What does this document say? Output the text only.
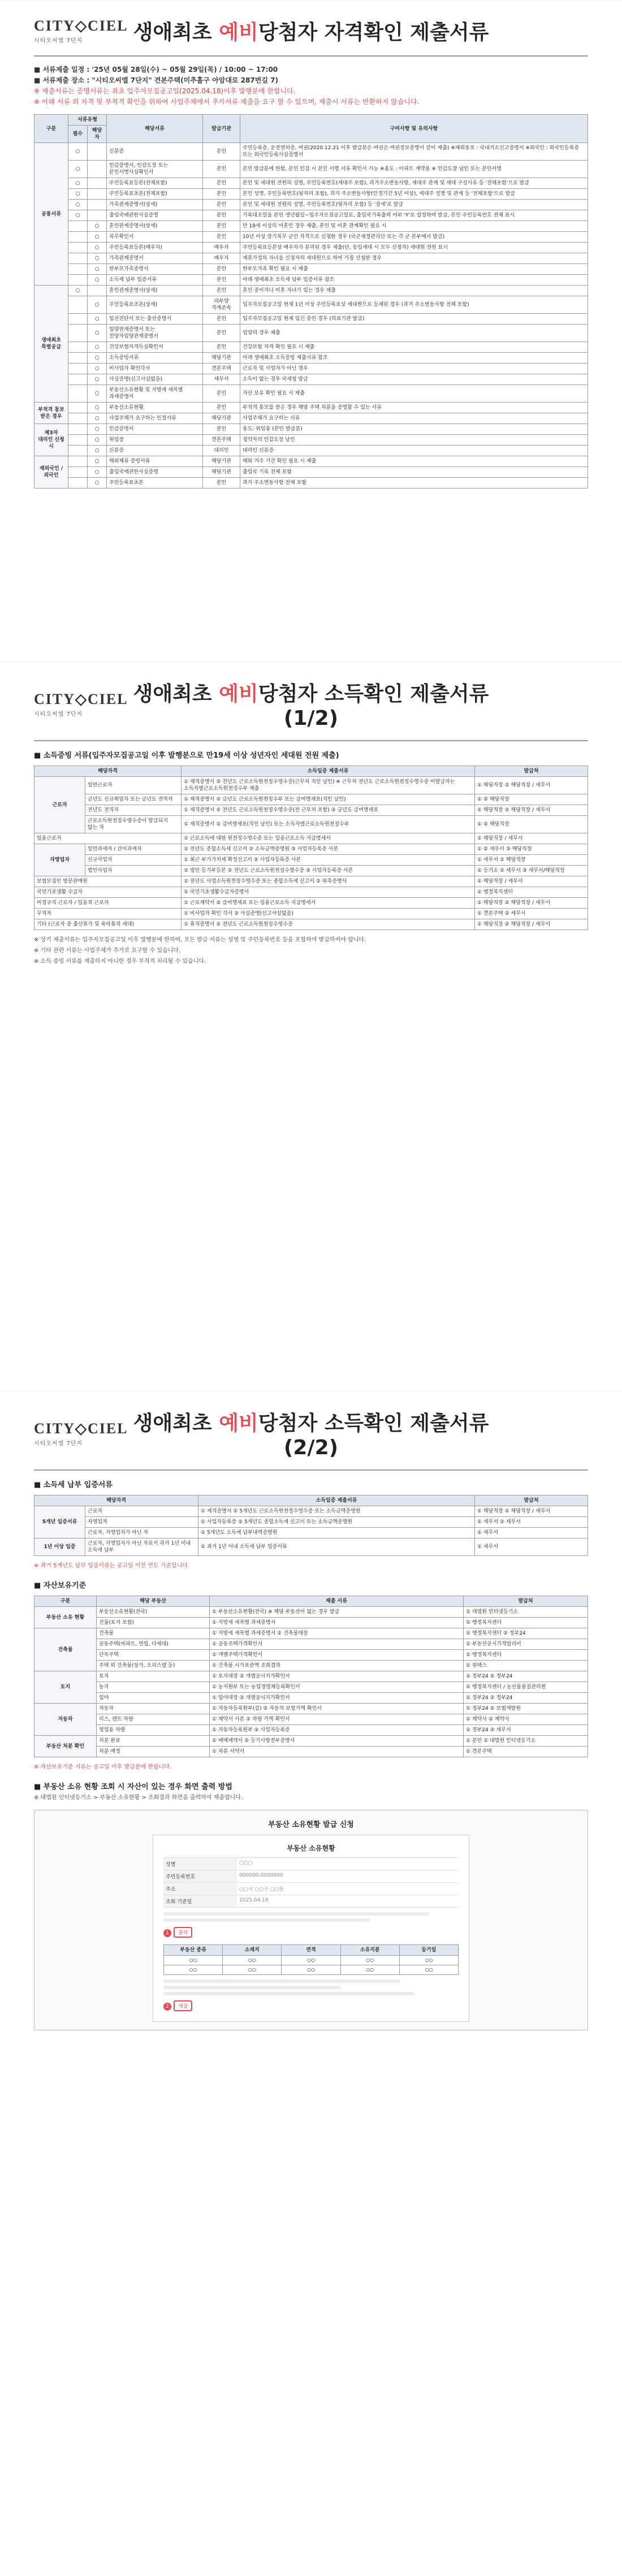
CITY◇CIEL
시티오씨엘 7단지	생애최초 예비당첨자 자격확인 제출서류
■ 서류제출 일정 : '25년 05월 28일(수) ~ 05월 29일(목) / 10:00 ~ 17:00
■ 서류제출 장소 : "시티오씨엘 7단지" 견본주택(미추홀구 아암대로 287번길 7)
※ 제출서류는 증명서류는 최초 입주자모집공고일(2025.04.18)이후 발행분에 한합니다.
※ 아래 서류 외 자격 및 부적격 확인을 위하여 사업주체에서 추가서류 제출을 요구 할 수 있으며, 제출시 서류는 반환하지 않습니다.
구분	서류유형		해당서류	발급기관	구비사항 및 유의사항
	필수	해당자			
공통서류	○		신분증	본인	주민등록증, 운전면허증, 여권(2020.12.21 이후 발급분은 여권은 여권정보증명서 같이 제출) ※재외동포 : 국내거소신고증명서 ※외국인 : 외국인등록증 또는 외국인등록사실증명서
	○		인감증명서, 인감도장 또는 본인서명사실확인서	본인	본인 발급분에 한함, 본인 인감 시 본인 서명 서류 확인서 가능 ※용도 : 아파트 계약용 ※ 인감도장 날인 또는 본인서명
	○		주민등록표등본(전체포함)	본인	본인 및 세대원 전원의 성명, 주민등록번호(세대주 포함), 과거주소변동사항, 세대주 관계 및 세대 구성사유 등 '전체포함'으로 발급
	○		주민등록표초본(전체포함)	본인	본인 성명, 주민등록번호(뒷자리 포함), 과거 주소변동사항(인정기간 5년 이상), 세대주 성명 및 관계 등 '전체포함'으로 발급
	○		가족관계증명서(상세)	본인	본인 및 세대원 전원의 성명, 주민등록번호(뒷자리 포함) 등 '상세'로 발급
	○		출입국에관한사실증명	본인	기록대조일을 본인 생년월일~입주자모집공고일로, 출입국기록출력 여부 'Y'로 설정하여 발급, 본인 주민등록번호 전체 표시
		○	혼인관계증명서(상세)	본인	만 19세 이상의 미혼인 경우 제출, 혼인 및 이혼 관계확인 필요 시
		○	복무확인서	본인	10년 이상 장기복무 군인 자격으로 신청한 경우 (국군재정관리단 또는 각 군 본부에서 발급)
		○	주민등록표등본(배우자)	배우자	주민등록표등본상 배우자가 분리된 경우 제출(단, 동일세대 시 모두 신청자) 세대원 전원 표시
		○	가족관계증명서	배우자	재혼가정의 자녀를 신청자의 세대원으로 하여 가점 신청한 경우
		○	한부모가족증명서	본인	한부모가족 확인 필요 시 제출
		○	소득세 납부 입증서류	본인	아래 생애최초 소득세 납부 입증서류 참조
생애최초 특별공급	○		혼인관계증명서(상세)	본인	혼인 중이거나 미혼 자녀가 있는 경우 제출
		○	주민등록표초본(상세)	피부양 직계존속	입주자모집공고일 현재 1년 이상 주민등록표상 세대원으로 등재된 경우 (과거 주소변동사항 전체 포함)
		○	임신진단서 또는 출산증명서	본인	입주자모집공고일 현재 임신 중인 경우 (의료기관 발급)
		○	입양관계증명서 또는 친양자입양관계증명서	본인	입양의 경우 제출
		○	건강보험자격득실확인서	본인	건강보험 자격 확인 필요 시 제출
		○	소득증빙서류	해당기관	아래 생애최초 소득증빙 제출서류 참조
		○	비사업자 확인각서	견본주택	근로자 및 사업자가 아닌 경우
		○	사실증명(신고사실없음)	세무서	소득이 없는 경우 국세청 발급
		○	부동산소유현황 및 지방세 세목별 과세증명서	본인	자산 보유 확인 필요 시 제출
부적격 통보 받은 경우		○	부동산소유현황	본인	부적격 통보를 받은 경우 해당 주택 처분을 증명할 수 있는 서류
		○	사업주체가 요구하는 인정서류	해당기관	사업주체가 요구하는 서류
제3자 대리인 신청 시		○	인감증명서	본인	용도: 위임용 (본인 발급분)
		○	위임장	견본주택	청약자의 인감도장 날인
		○	신분증	대리인	대리인 신분증
재외국인 / 외국인		○	해외체류 증빙서류	해당기관	해외 거주 기간 확인 필요 시 제출
		○	출입국에관한사실증명	해당기관	출입국 기록 전체 포함
		○	주민등록표초본	본인	과거 주소변동사항 전체 포함
CITY◇CIEL
시티오씨엘 7단지
생애최초 예비당첨자 소득확인 제출서류(1/2)
■ 소득증빙 서류(입주자모집공고일 이후 발행분으로 만19세 이상 성년자인 세대원 전원 제출)
해당자격		소득입증 제출서류	발급처
근로자	일반근로자	① 재직증명서 ② 전년도 근로소득원천징수영수증(근무처 직인 날인) ※ 근무처 전년도 근로소득원천징수영수증 미발급자는 소득자별근로소득원천징수부 제출	① 해당직장 ② 해당직장 / 세무서
	금년도 신규취업자 또는 금년도 전직자	① 재직증명서 ② 금년도 근로소득원천징수부 또는 급여명세표(직인 날인)	① ② 해당직장
	전년도 전직자	① 재직증명서 ② 전년도 근로소득원천징수영수증(전 근무처 포함) ③ 금년도 급여명세표	① 해당직장 ② 해당직장 / 세무서
	근로소득원천징수영수증이 발급되지 않는 자	① 재직증명서 ② 급여명세표(직인 날인) 또는 소득자별근로소득원천징수부	① ② 해당직장
일용근로자		① 근로소득에 대한 원천징수영수증 또는 일용근로소득 지급명세서	① 해당직장 / 세무서
자영업자	일반과세자 / 간이과세자	① 전년도 종합소득세 신고서 ② 소득금액증명원 ③ 사업자등록증 사본	① ② 세무서 ③ 해당직장
	신규사업자	① 최근 부가가치세 확정신고서 ② 사업자등록증 사본	① 세무서 ② 해당직장
	법인사업자	① 법인 등기부등본 ② 전년도 근로소득원천징수영수증 ③ 사업자등록증 사본	① 등기소 ② 세무서 ③ 세무서/해당직장
보험모집인 방문판매원		① 전년도 사업소득원천징수영수증 또는 종합소득세 신고서 ② 위촉증명서	① 해당직장 / 세무서
국민기초생활 수급자		① 국민기초생활수급자증명서	① 행정복지센터
비정규직 근로자 / 일용직 근로자		① 근로계약서 ② 급여명세표 또는 일용근로소득 지급명세서	① 해당직장 ② 해당직장 / 세무서
무직자		① 비사업자 확인 각서 ② 사실증명(신고사실없음)	① 견본주택 ② 세무서
기타 (근로자 중 출산휴가 및 육아휴직 세대)		① 휴직증명서 ② 전년도 근로소득원천징수영수증	① 해당직장 ② 해당직장 / 세무서
※ 상기 제출서류는 입주자모집공고일 이후 발행분에 한하며, 모든 발급 서류는 성명 및 주민등록번호 등을 포함하여 발급하여야 합니다.
※ 기타 관련 서류는 사업주체가 추가로 요구할 수 있습니다.
※ 소득 증빙 서류를 제출하지 아니한 경우 부적격 처리될 수 있습니다.
CITY◇CIEL
시티오씨엘 7단지
생애최초 예비당첨자 소득확인 제출서류(2/2)
■ 소득세 납부 입증서류
해당자격		소득입증 제출서류	발급처
5개년 입증서류	근로자	① 재직증명서 ② 5개년도 근로소득원천징수영수증 또는 소득금액증명원	① 해당직장 ② 해당직장 / 세무서
	자영업자	① 사업자등록증 ② 5개년도 종합소득세 신고서 또는 소득금액증명원	① 세무서 ② 세무서
	근로자, 자영업자가 아닌 자	① 5개년도 소득세 납부내역증명원	① 세무서
1년 이상 입증	근로자, 자영업자가 아닌 자로서 과거 1년 이내 소득세 납부	① 과거 1년 이내 소득세 납부 입증서류	① 세무서
※ 과거 5개년도 납부 입증서류는 공고일 이전 연도 기준입니다.
■ 자산보유기준
구분	해당 부동산	제출 서류	발급처
부동산 소유 현황	부동산소유현황(전국)	① 부동산소유현황(전국) ※ 해당 부동산이 없는 경우 발급	① 대법원 인터넷등기소
	건물(토지 포함)	① 지방세 세목별 과세증명서	① 행정복지센터
건축물	건축물	① 지방세 세목별 과세증명서 ② 건축물대장	① 행정복지센터 ② 정부24
	공동주택(아파트, 연립, 다세대)	① 공동주택가격확인서	① 부동산공시가격알리미
	단독주택	① 개별주택가격확인서	① 행정복지센터
	주택 외 건축물(상가, 오피스텔 등)	① 건축물 시가표준액 조회결과	① 위택스
토지	토지	① 토지대장 ② 개별공시지가확인서	① 정부24 ② 정부24
	농지	① 농지원부 또는 농업경영체등록확인서	① 행정복지센터 / 농산물품질관리원
	임야	① 임야대장 ② 개별공시지가확인서	① 정부24 ② 정부24
자동차	자동차	① 자동차등록원부(갑) ② 자동차 보험가액 확인서	① 정부24 ② 보험개발원
	리스, 렌트 차량	① 계약서 사본 ② 차량 가액 확인서	① 계약사 ② 계약사
	영업용 차량	① 자동차등록원부 ② 사업자등록증	① 정부24 ② 세무서
부동산 처분 확인	처분 완료	① 매매계약서 ② 등기사항전부증명서	① 본인 ② 대법원 인터넷등기소
	처분 예정	① 처분 서약서	① 견본주택
※ 자산보유기준 서류는 공고일 이후 발급분에 한합니다.
■ 부동산 소유 현황 조회 시 자산이 있는 경우 화면 출력 방법
※ 대법원 인터넷등기소 > 부동산 소유현황 > 조회결과 화면을 출력하여 제출합니다.
부동산 소유현황 발급 신청
부동산 소유현황
성명	○○○
주민등록번호	000000-0000000
주소	○○시 ○○구 ○○동
조회 기준일	2025.04.18
1 출력
부동산 종류	소재지	면적	소유지분	등기일
○○	○○	○○	○○	○○
○○	○○	○○	○○	○○
2 제출
